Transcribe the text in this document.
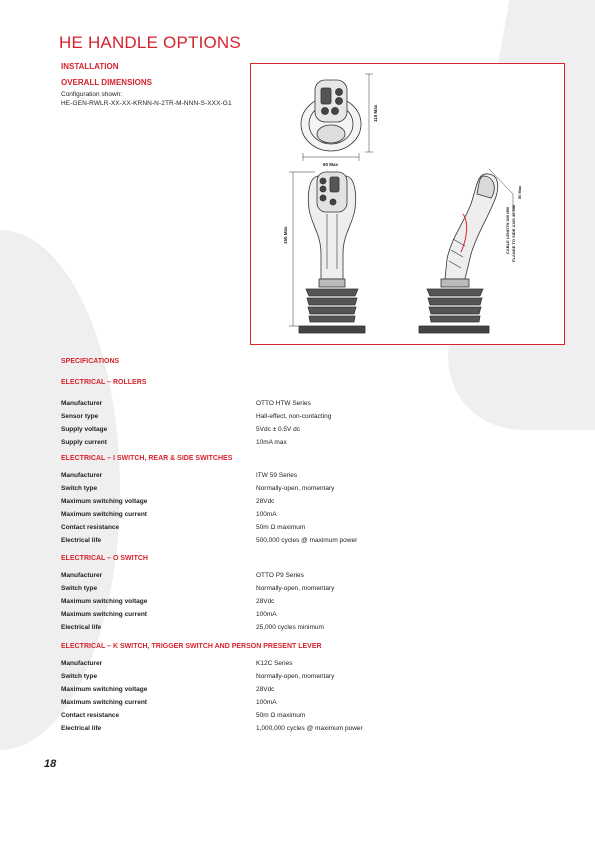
HE HANDLE OPTIONS
INSTALLATION
OVERALL DIMENSIONS
Configuration shown:
HE-GEN-RWLR-XX-XX-KRNN-N-2TR-M-NNN-S-XXX-G1
60 Max
115 Max
150 Max	CABLE LENGTH 300 MM FLANGE TO SIDE AXIS 40 MM
50 Max
SPECIFICATIONS
ELECTRICAL – ROLLERS
Manufacturer	OTTO HTW Series
Sensor type	Hall-effect, non-contacting
Supply voltage	5Vdc ± 0.5V dc
Supply current	10mA max
ELECTRICAL – I SWITCH, REAR & SIDE SWITCHES
Manufacturer	ITW 59 Series
Switch type	Normally-open, momentary
Maximum switching voltage	28Vdc
Maximum switching current	100mA
Contact resistance	50m Ω maximum
Electrical life	500,000 cycles @ maximum power
ELECTRICAL – O SWITCH
Manufacturer	OTTO P9 Series
Switch type	Normally-open, momentary
Maximum switching voltage	28Vdc
Maximum switching current	100mA
Electrical life	25,000 cycles minimum
ELECTRICAL – K SWITCH, TRIGGER SWITCH AND PERSON PRESENT LEVER
Manufacturer	K12C Series
Switch type	Normally-open, momentary
Maximum switching voltage	28Vdc
Maximum switching current	100mA
Contact resistance	50m Ω maximum
Electrical life	1,000,000 cycles @ maximum power
18
